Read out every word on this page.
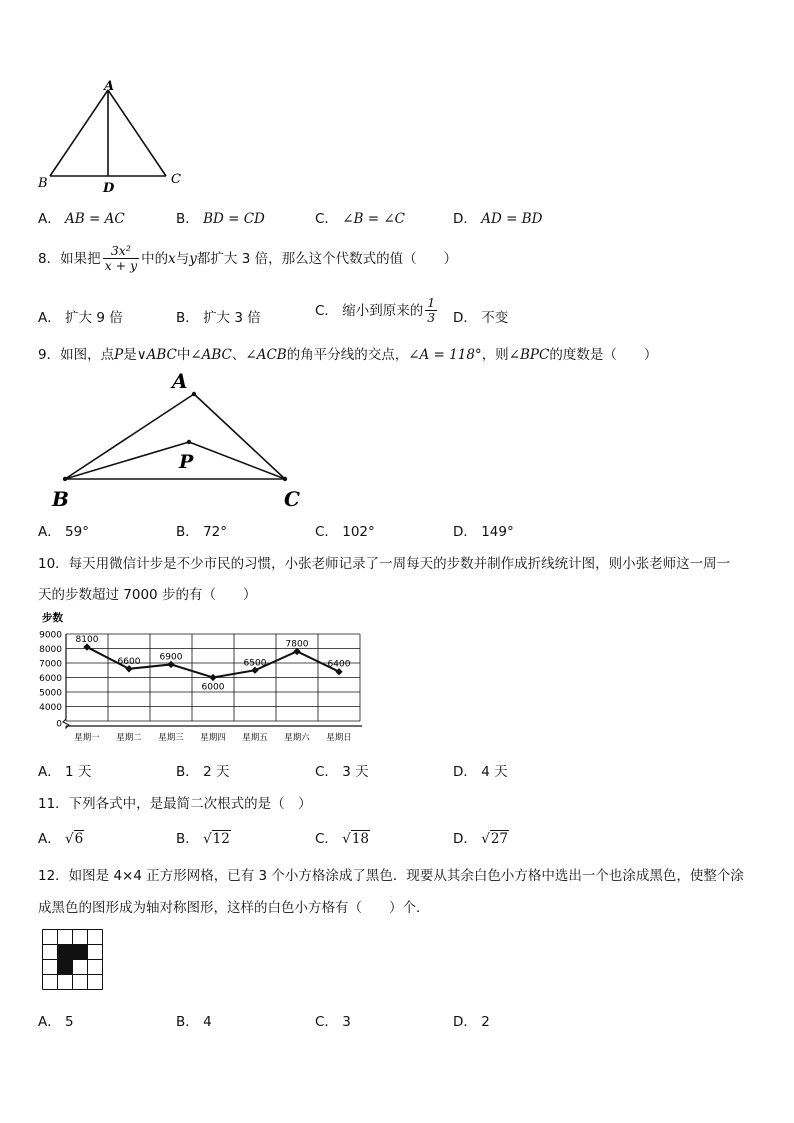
A
B	D
C
A． AB = AC	B． BD = CD	C． ∠B = ∠C	D． AD = BD
8．如果把 $\frac{\text{3x²}}{x + y}$ 中的x与y都扩大 3 倍，那么这个代数式的值（　　）
A． 扩大 9 倍	B． 扩大 3 倍	C． 缩小到原来的 $\frac{1}{3}$ D． 不变
9．如图，点P是∨ABC中∠ABC、∠ACB的角平分线的交点，∠A = 118°，则∠BPC的度数是（　　）
A
P
B	C
A． 59°	B． 72°	C． 102°	D． 149°
10．每天用微信计步是不少市民的习惯，小张老师记录了一周每天的步数并制作成折线统计图，则小张老师这一周一
天的步数超过 7000 步的有（　　）
步数
9000
8000
7000
6000
5000
4000
0
星期一 星期二 星期三 星期四 星期五 星期六 星期日
8100
6600 6900
6000
6500
7800
6400
A． 1 天	B． 2 天	C． 3 天	D． 4 天
11．下列各式中，是最简二次根式的是（　）
A． √6	B． √12	C． √18	D． √27
12．如图是 4×4 正方形网格，已有 3 个小方格涂成了黑色．现要从其余白色小方格中选出一个也涂成黑色，使整个涂
成黑色的图形成为轴对称图形，这样的白色小方格有（　　）个．
A． 5	B． 4	C． 3	D． 2
